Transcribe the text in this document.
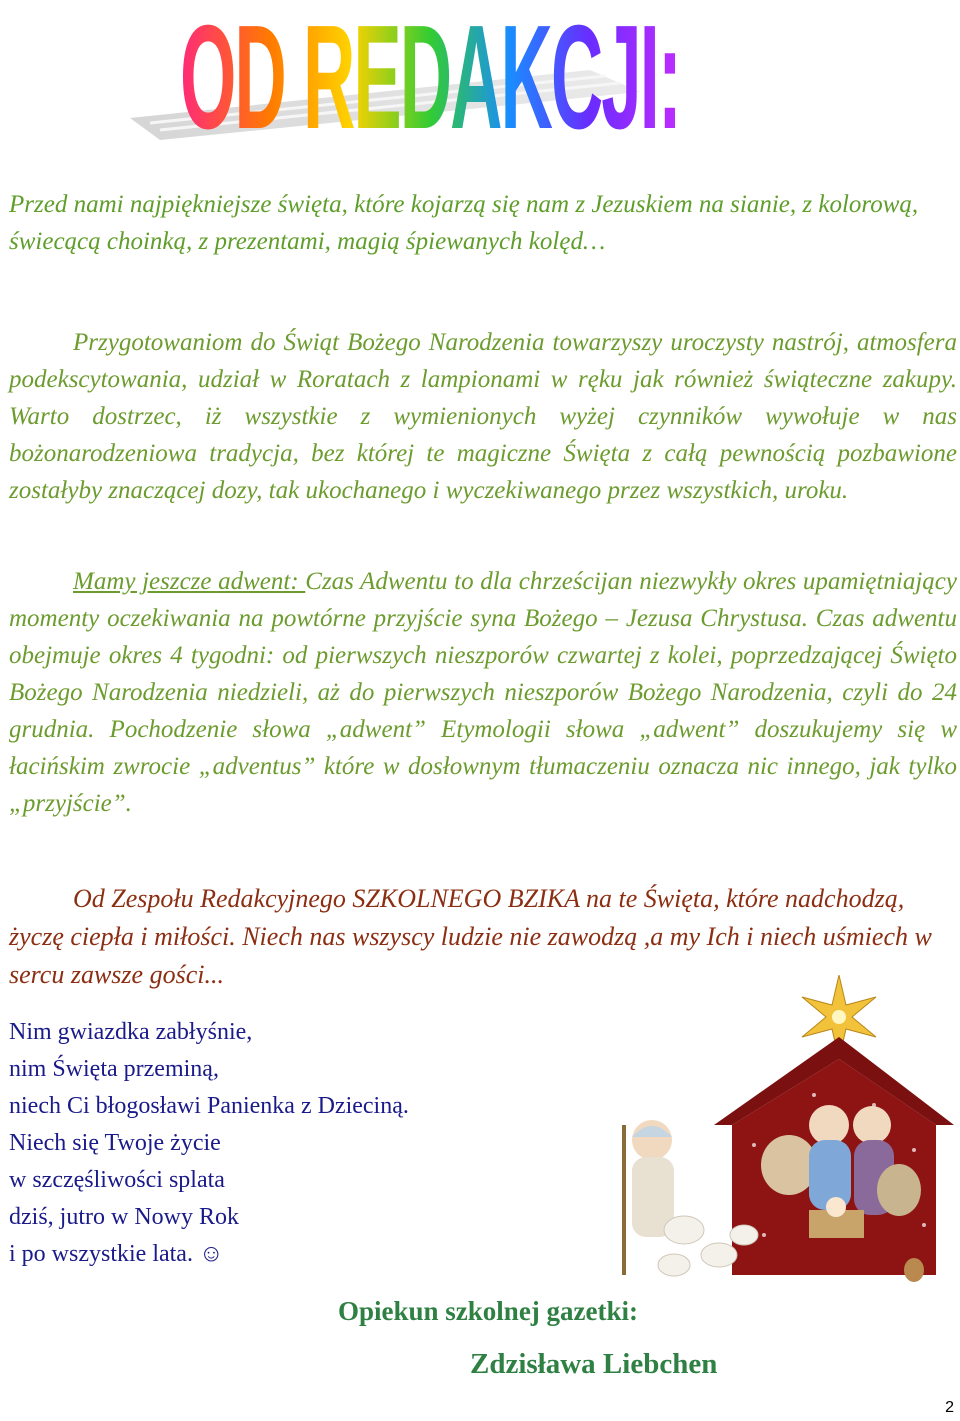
OD REDAKCJI:

Przed nami najpiękniejsze święta, które kojarzą się nam z Jezuskiem na sianie, z kolorową, świecącą choinką, z prezentami, magią śpiewanych kolęd…

Przygotowaniom do Świąt Bożego Narodzenia towarzyszy uroczysty nastrój, atmosfera podekscytowania, udział w Roratach z lampionami w ręku jak również świąteczne zakupy. Warto dostrzec, iż wszystkie z wymienionych wyżej czynników wywołuje w nas bożonarodzeniowa tradycja, bez której te magiczne Święta z całą pewnością pozbawione zostałyby znaczącej dozy, tak ukochanego i wyczekiwanego przez wszystkich, uroku.

Mamy jeszcze adwent: Czas Adwentu to dla chrześcijan niezwykły okres upamiętniający momenty oczekiwania na powtórne przyjście syna Bożego – Jezusa Chrystusa. Czas adwentu obejmuje okres 4 tygodni: od pierwszych nieszporów czwartej z kolei, poprzedzającej Święto Bożego Narodzenia niedzieli, aż do pierwszych nieszporów Bożego Narodzenia, czyli do 24 grudnia. Pochodzenie słowa „adwent” Etymologii słowa „adwent” doszukujemy się w łacińskim zwrocie „adventus” które w dosłownym tłumaczeniu oznacza nic innego, jak tylko „przyjście”.

Od Zespołu Redakcyjnego SZKOLNEGO BZIKA na te Święta, które nadchodzą, życzę ciepła i miłości. Niech nas wszyscy ludzie nie zawodzą ,a my Ich i niech uśmiech w sercu zawsze gości...

Nim gwiazdka zabłyśnie,
nim Święta przeminą,
niech Ci błogosławi Panienka z Dzieciną.
Niech się Twoje życie
w szczęśliwości splata
dziś, jutro w Nowy Rok
i po wszystkie lata. ☺

Opiekun szkolnej gazetki:

Zdzisława Liebchen

2
